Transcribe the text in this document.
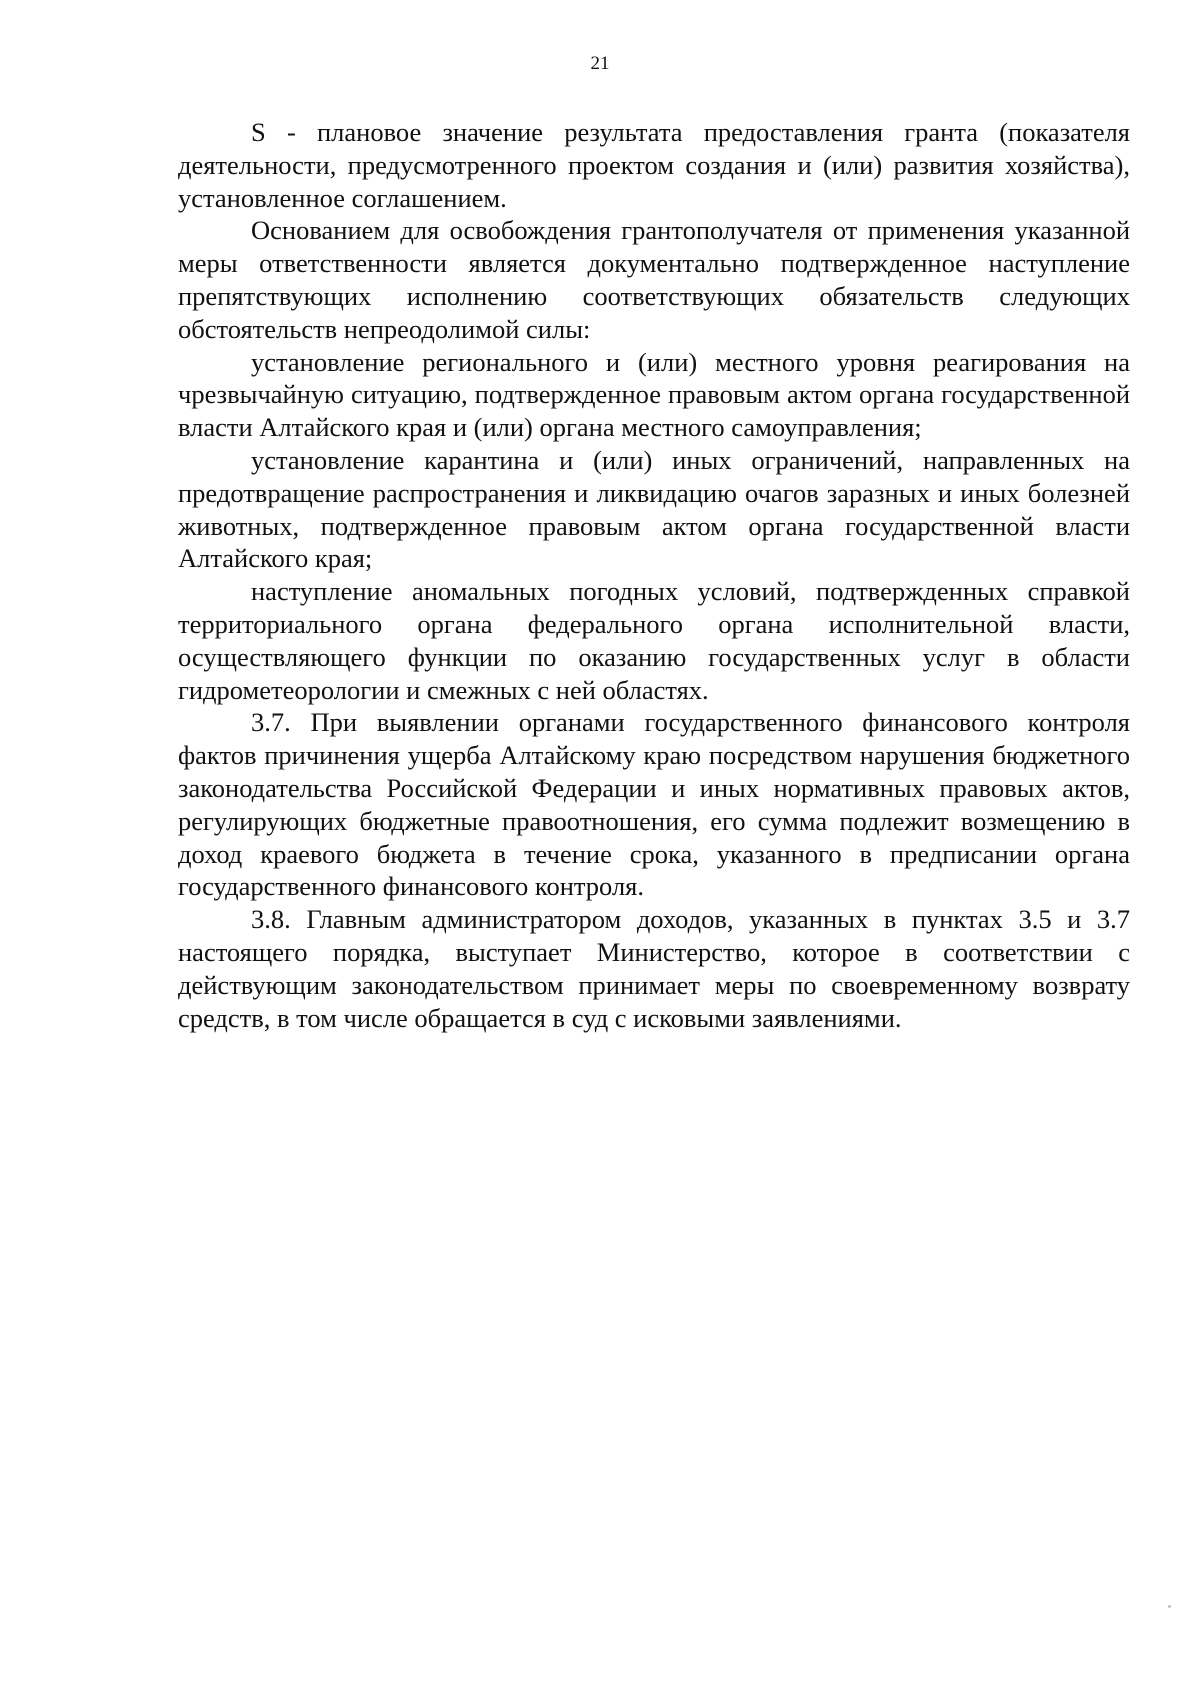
21

S - плановое значение результата предоставления гранта (показателя деятельности, предусмотренного проектом создания и (или) развития хозяйства), установленное соглашением.

Основанием для освобождения грантополучателя от применения указанной меры ответственности является документально подтвержденное наступление препятствующих исполнению соответствующих обязательств следующих обстоятельств непреодолимой силы:

установление регионального и (или) местного уровня реагирования на чрезвычайную ситуацию, подтвержденное правовым актом органа государственной власти Алтайского края и (или) органа местного самоуправления;

установление карантина и (или) иных ограничений, направленных на предотвращение распространения и ликвидацию очагов заразных и иных болезней животных, подтвержденное правовым актом органа государственной власти Алтайского края;

наступление аномальных погодных условий, подтвержденных справкой территориального органа федерального органа исполнительной власти, осуществляющего функции по оказанию государственных услуг в области гидрометеорологии и смежных с ней областях.

3.7. При выявлении органами государственного финансового контроля фактов причинения ущерба Алтайскому краю посредством нарушения бюджетного законодательства Российской Федерации и иных нормативных правовых актов, регулирующих бюджетные правоотношения, его сумма подлежит возмещению в доход краевого бюджета в течение срока, указанного в предписании органа государственного финансового контроля.

3.8. Главным администратором доходов, указанных в пунктах 3.5 и 3.7 настоящего порядка, выступает Министерство, которое в соответствии с действующим законодательством принимает меры по своевременному возврату средств, в том числе обращается в суд с исковыми заявлениями.
